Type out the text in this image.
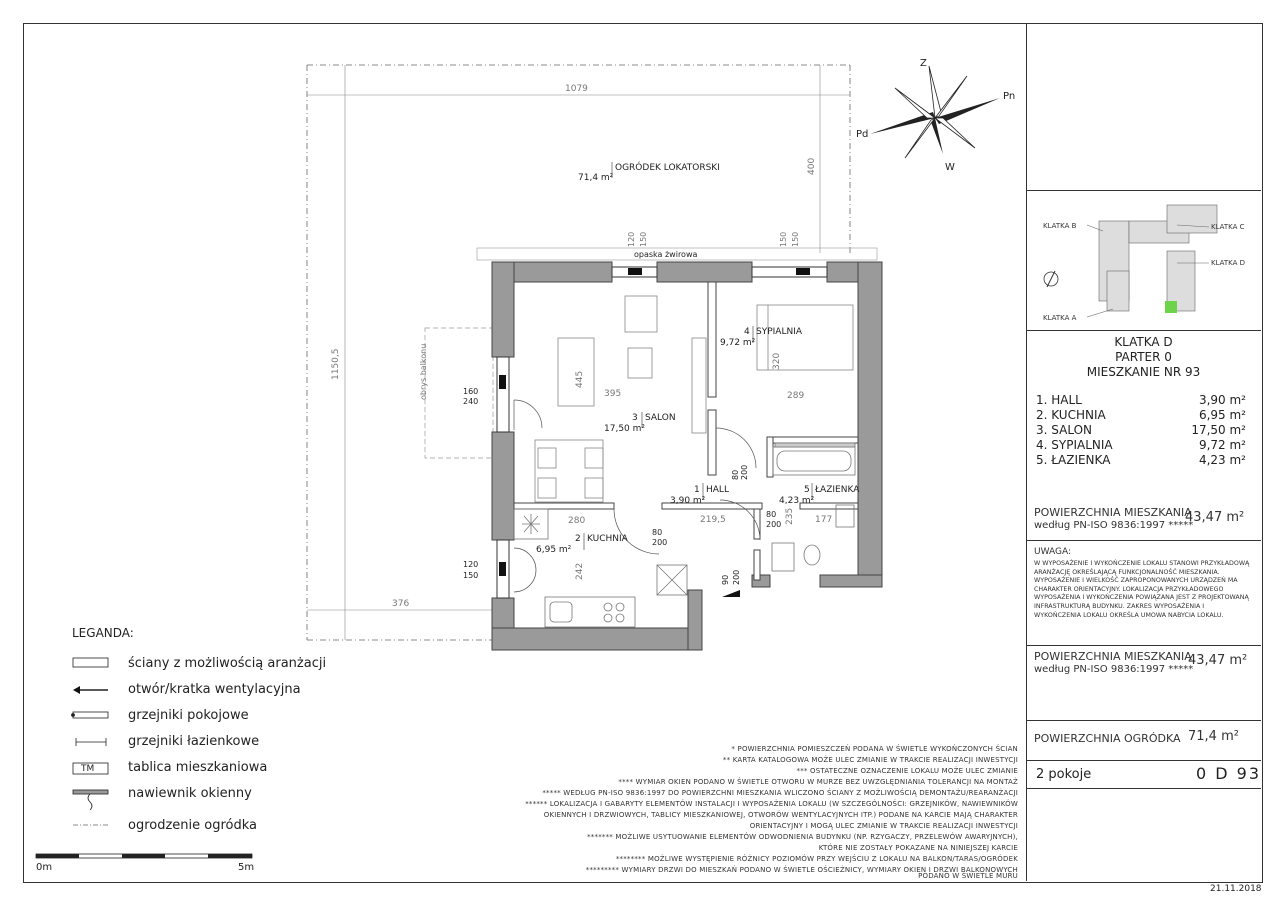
1079
1150,5
400
376
OGRÓDEK LOKATORSKI
71,4 m²
opaska żwirowa
obrys balkonu
120 150	150 150
160
240
120
150
395
445
289
320
280	219,5	177
242
235
80 200
80
200
80
200
90 200
3 SALON
17,50 m²
4 SYPIALNIA
9,72 m²
1 HALL
3,90 m²
5 ŁAZIENKA
4,23 m²
2 KUCHNIA
6,95 m²
Z
Pn
Pd
W
0m	5m
TM
LEGANDA:
ściany z możliwością aranżacji
otwór/kratka wentylacyjna
grzejniki pokojowe
grzejniki łazienkowe
tablica mieszkaniowa
nawiewnik okienny
ogrodzenie ogródka
* POWIERZCHNIA POMIESZCZEŃ PODANA W ŚWIETLE WYKOŃCZONYCH ŚCIAN
** KARTA KATALOGOWA MOŻE ULEC ZMIANIE W TRAKCIE REALIZACJI INWESTYCJI
*** OSTATECZNE OZNACZENIE LOKALU MOŻE ULEC ZMIANIE
**** WYMIAR OKIEN PODANO W ŚWIETLE OTWORU W MURZE BEZ UWZGLĘDNIANIA TOLERANCJI NA MONTAŻ
***** WEDŁUG PN-ISO 9836:1997 DO POWIERZCHNI MIESZKANIA WLICZONO ŚCIANY Z MOŻLIWOŚCIĄ DEMONTAŻU/REARANŻACJI
****** LOKALIZACJA I GABARYTY ELEMENTÓW INSTALACJI I WYPOSAŻENIA LOKALU (W SZCZEGÓLNOŚCI: GRZEJNIKÓW, NAWIEWNIKÓW
OKIENNYCH I DRZWIOWYCH, TABLICY MIESZKANIOWEJ, OTWORÓW WENTYLACYJNYCH ITP.) PODANE NA KARCIE MAJĄ CHARAKTER
ORIENTACYJNY I MOGĄ ULEC ZMIANIE W TRAKCIE REALIZACJI INWESTYCJI
******* MOŻLIWE USYTUOWANIE ELEMENTÓW ODWODNIENIA BUDYNKU (NP. RZYGACZY, PRZELEWÓW AWARYJNYCH),
KTÓRE NIE ZOSTAŁY POKAZANE NA NINIEJSZEJ KARCIE
******** MOŻLIWE WYSTĘPIENIE RÓŻNICY POZIOMÓW PRZY WEJŚCIU Z LOKALU NA BALKON/TARAS/OGRÓDEK
********* WYMIARY DRZWI DO MIESZKAŃ PODANO W ŚWIETLE OŚCIEŻNICY, WYMIARY OKIEN I DRZWI BALKONOWYCH
PODANO W ŚWIETLE MURU
KLATKA B	KLATKA C
KLATKA D
KLATKA A
KLATKA D
PARTER 0
MIESZKANIE NR 93
1. HALL	3,90 m²
2. KUCHNIA	6,95 m²
3. SALON	17,50 m²
4. SYPIALNIA	9,72 m²
5. ŁAZIENKA	4,23 m²
POWIERZCHNIA MIESZKANIA
według PN-ISO 9836:1997 *****
43,47 m²
UWAGA:
W WYPOSAŻENIE I WYKOŃCZENIE LOKALU STANOWI PRZYKŁADOWĄ ARANŻACJĘ OKREŚLAJĄCĄ FUNKCJONALNOŚĆ MIESZKANIA. WYPOSAŻENIE I WIELKOŚĆ ZAPROPONOWANYCH URZĄDZEŃ MA CHARAKTER ORIENTACYJNY. LOKALIZACJA PRZYKŁADOWEGO WYPOSAŻENIA I WYKOŃCZENIA POWIĄZANA JEST Z PROJEKTOWANĄ INFRASTRUKTURĄ BUDYNKU. ZAKRES WYPOSAŻENIA I WYKOŃCZENIA LOKALU OKREŚLA UMOWA NABYCIA LOKALU.
POWIERZCHNIA MIESZKANIA
według PN-ISO 9836:1997 *****
43,47 m²
POWIERZCHNIA OGRÓDKA 71,4 m²
2 pokoje	0 D 93
21.11.2018
